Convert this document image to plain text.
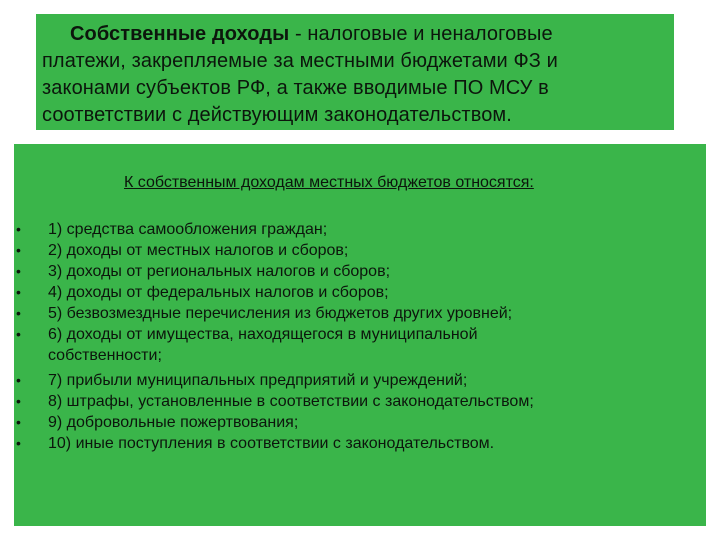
Собственные доходы - налоговые и неналоговые
платежи, закрепляемые за местными бюджетами ФЗ и
законами субъектов РФ, а также вводимые ПО МСУ в
соответствии с действующим законодательством.
К собственным доходам местных бюджетов относятся:
• 1) средства самообложения граждан;
• 2) доходы от местных налогов и сборов;
• 3) доходы от региональных налогов и сборов;
• 4) доходы от федеральных налогов и сборов;
• 5) безвозмездные перечисления из бюджетов других уровней;
• 6) доходы от имущества, находящегося в муниципальной
собственности;
• 7) прибыли муниципальных предприятий и учреждений;
• 8) штрафы, установленные в соответствии с законодательством;
• 9) добровольные пожертвования;
• 10) иные поступления в соответствии с законодательством.
